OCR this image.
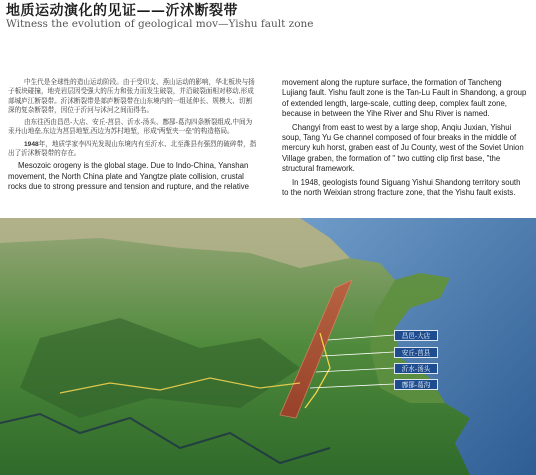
地质运动演化的见证——沂沭断裂带
Witness the evolution of geological mov—Yishu fault zone

中生代是全球性的造山运动阶段。由于受印支、燕山运动的影响，华北板块与扬子板块碰撞，地壳岩层因受强大的压力和张力而发生破裂，并沿破裂面相对移动,形成郯城庐江断裂带。沂沭断裂带是郯庐断裂带在山东境内的一组延伸长、规模大、切割深的复杂断裂带，因位于沂河与沭河之间而得名。

由东往西由昌邑-大店、安丘-莒县、沂水-汤头、鄌郚-葛沟四条断裂组成,中间为汞丹山地垒,东边为莒县地堑,西边为苏村地堑，形成“两堑夹一垒”的构造格局。

1948年，地质学家李四光发现山东境内有至沂水、北至潍县有强烈的破碎带，指出了沂沭断裂带的存在。

Mesozoic orogeny is the global stage. Due to Indo-China, Yanshan movement, the North China plate and Yangtze plate collision, crustal rocks due to strong pressure and tension and rupture, and the relative

movement along the rupture surface, the formation of Tancheng Lujiang fault. Yishu fault zone is the Tan-Lu Fault in Shandong, a group of extended length, large-scale, cutting deep, complex fault zone, because in between the Yihe River and Shu River is named.

Changyi from east to west by a large shop, Anqiu Juxian, Yishui soup, Tang Yu Ge channel composed of four breaks in the middle of mercury kuh horst, graben east of Ju County, west of the Soviet Union Village graben, the formation of " two cutting clip first base, "the structural framework.

In 1948, geologists found Siguang Yishui Shandong territory south to the north Weixian strong fracture zone, that the Yishu fault exists.

昌邑-大店
安丘-莒县
沂水-汤头
鄌郚-葛沟
